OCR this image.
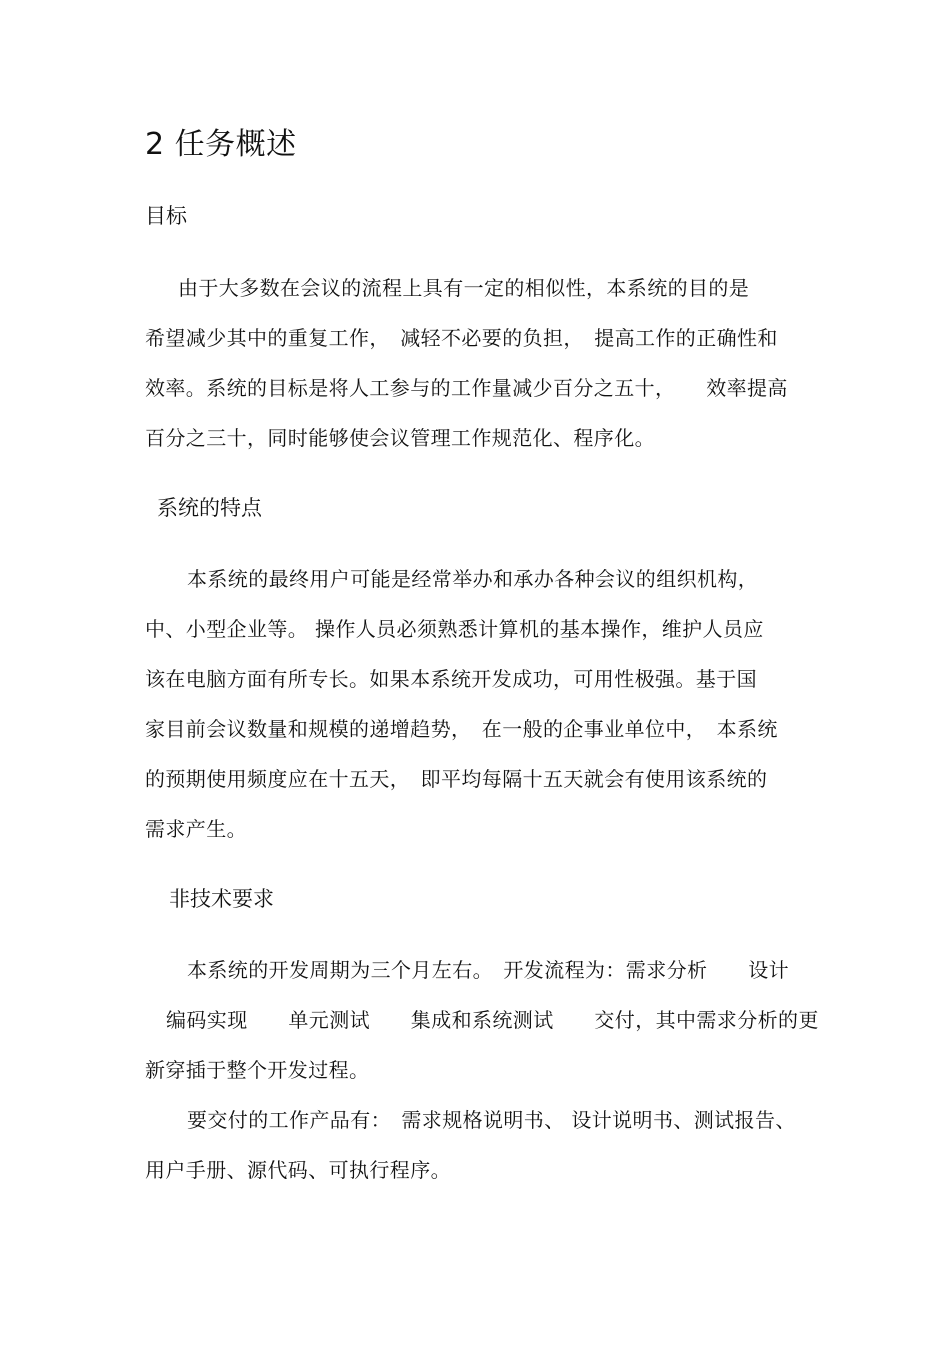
2 任务概述
目标
由于大多数在会议的流程上具有一定的相似性，本系统的目的是
希望减少其中的重复工作，　减轻不必要的负担，　提高工作的正确性和
效率。系统的目标是将人工参与的工作量减少百分之五十，　　效率提高
百分之三十，同时能够使会议管理工作规范化、程序化。
系统的特点
本系统的最终用户可能是经常举办和承办各种会议的组织机构，
中、小型企业等。 操作人员必须熟悉计算机的基本操作，维护人员应
该在电脑方面有所专长。如果本系统开发成功，可用性极强。基于国
家目前会议数量和规模的递增趋势，　在一般的企事业单位中，　本系统
的预期使用频度应在十五天，　即平均每隔十五天就会有使用该系统的
需求产生。
非技术要求
本系统的开发周期为三个月左右。　开发流程为：需求分析　　设计
编码实现　　单元测试　　集成和系统测试　　交付，其中需求分析的更
新穿插于整个开发过程。
要交付的工作产品有：　需求规格说明书、 设计说明书、测试报告、
用户手册、源代码、可执行程序。
